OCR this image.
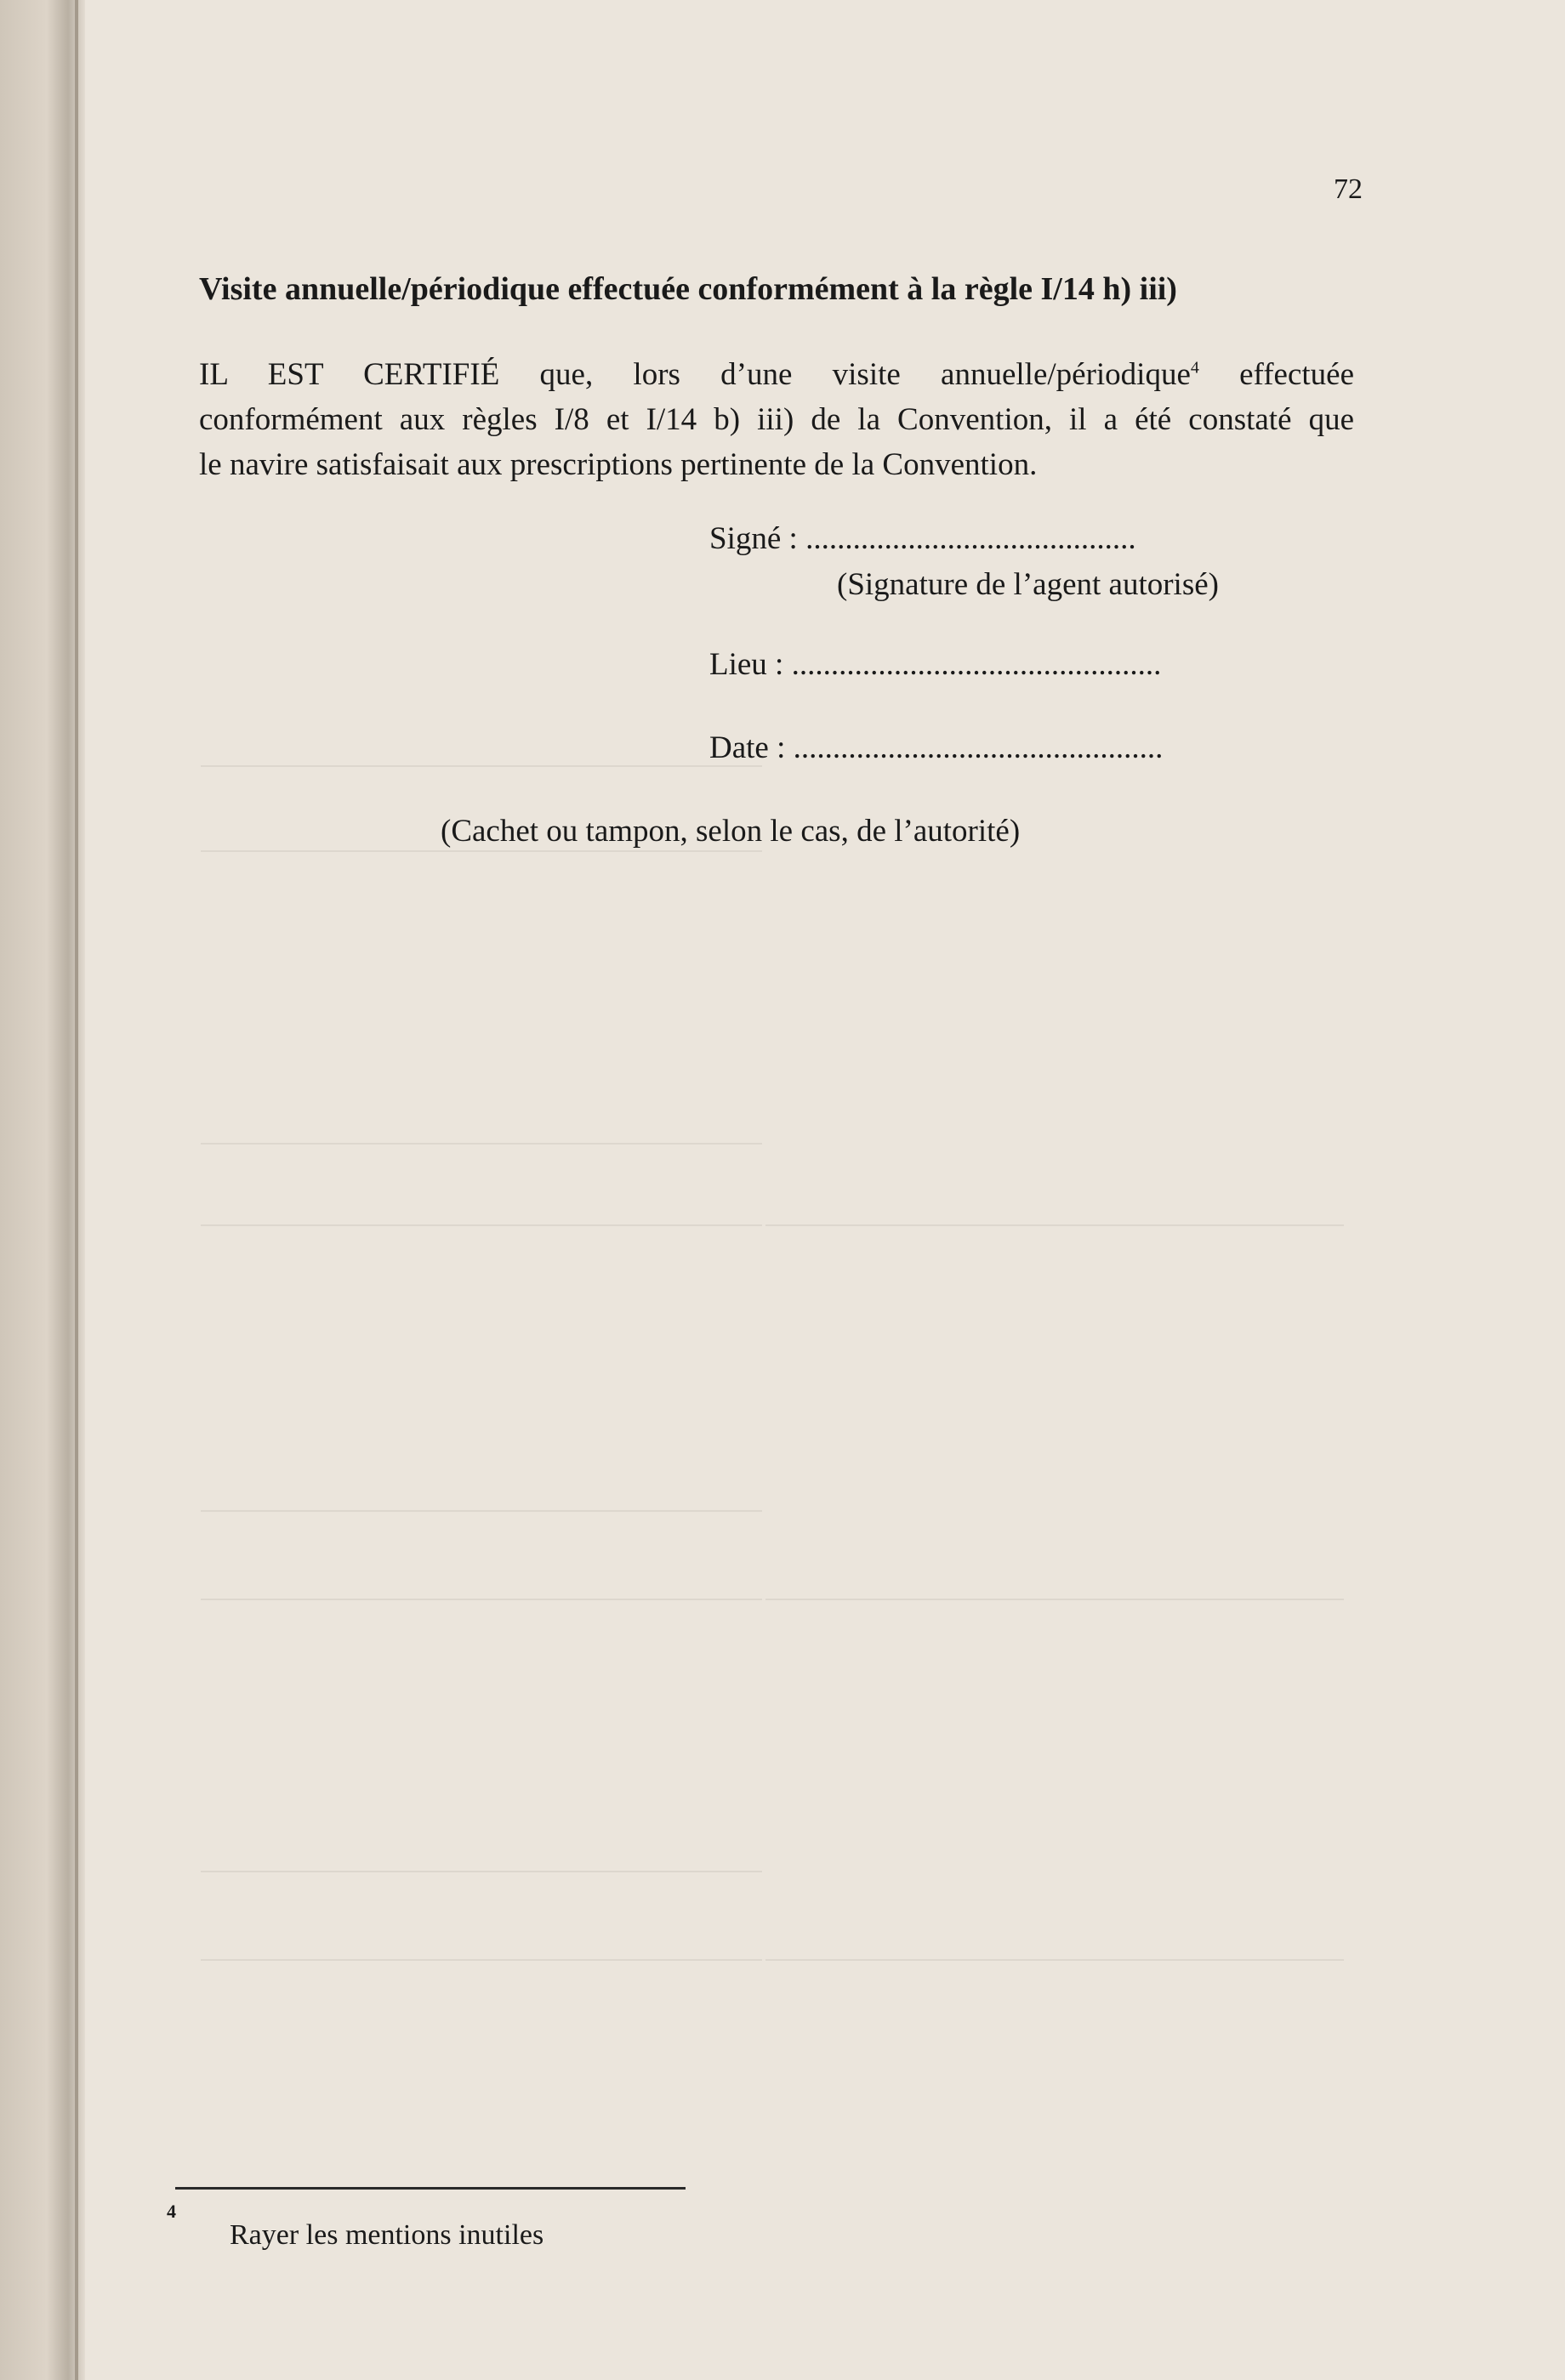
72
Visite annuelle/périodique effectuée conformément à la règle I/14 h) iii)
IL EST CERTIFIÉ que, lors d’une visite annuelle/périodique$^4$ effectuée
conformément aux règles I/8 et I/14 b) iii) de la Convention, il a été constaté que
le navire satisfaisait aux prescriptions pertinente de la Convention.
Signé : ..........................................
(Signature de l’agent autorisé)
Lieu : ...............................................
Date : ...............................................
(Cachet ou tampon, selon le cas, de l’autorité)
4
Rayer les mentions inutiles
